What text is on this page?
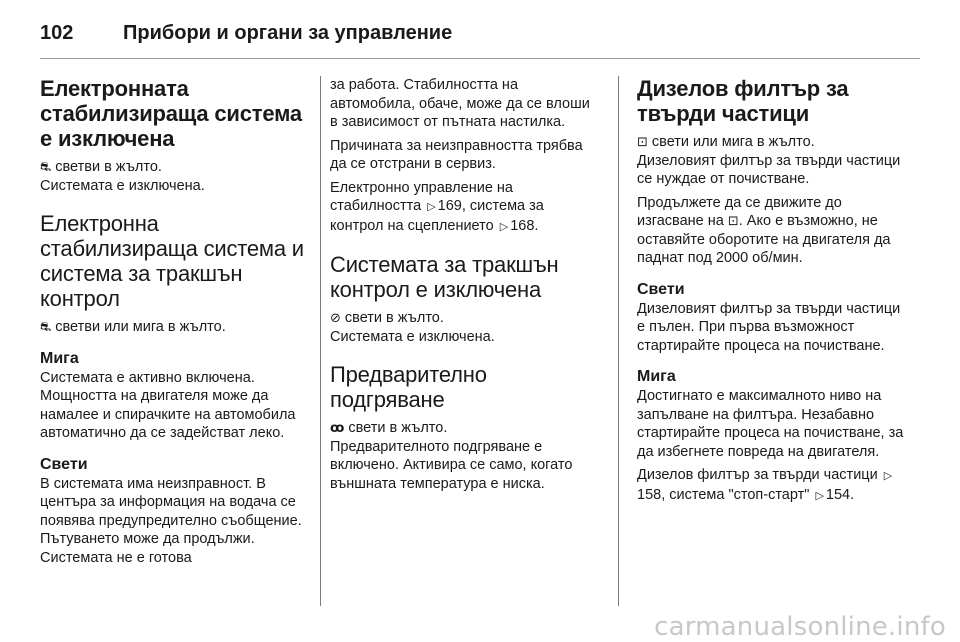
102 Прибори и органи за управление
Електронната стабилизираща система е изключена

⛐ светви в жълто.

Системата е изключена.

Електронна стабилизираща система и система за тракшън контрол

⛐ светви или мига в жълто.

Мига

Системата е активно включена. Мощността на двигателя може да намалее и спирачките на автомобила автоматично да се задействат леко.

Свети

В системата има неизправност. В центъра за информация на водача се появява предупредително съобщение. Пътуването може да продължи. Системата не е готова

за работа. Стабилността на автомобила, обаче, може да се влоши в зависимост от пътната настилка.

Причината за неизправността трябва да се отстрани в сервиз.

Електронно управление на стабилността ▷ 169, система за контрол на сцеплението ▷ 168.

Системата за тракшън контрол е изключена

⊘ свети в жълто.

Системата е изключена.

Предварително подгряване

ꝏ свети в жълто.

Предварителното подгряване е включено. Активира се само, когато външната температура е ниска.

Дизелов филтър за твърди частици

⊡ свети или мига в жълто.

Дизеловият филтър за твърди частици се нуждае от почистване.

Продължете да се движите до изгасване на ⊡. Ако е възможно, не оставяйте оборотите на двигателя да паднат под 2000 об/мин.

Свети

Дизеловият филтър за твърди частици е пълен. При първа възможност стартирайте процеса на почистване.

Мига

Достигнато е максималното ниво на запълване на филтъра. Незабавно стартирайте процеса на почистване, за да избегнете повреда на двигателя.

Дизелов филтър за твърди частици ▷158, система "стоп-старт" ▷ 154.

carmanualsonline.info
